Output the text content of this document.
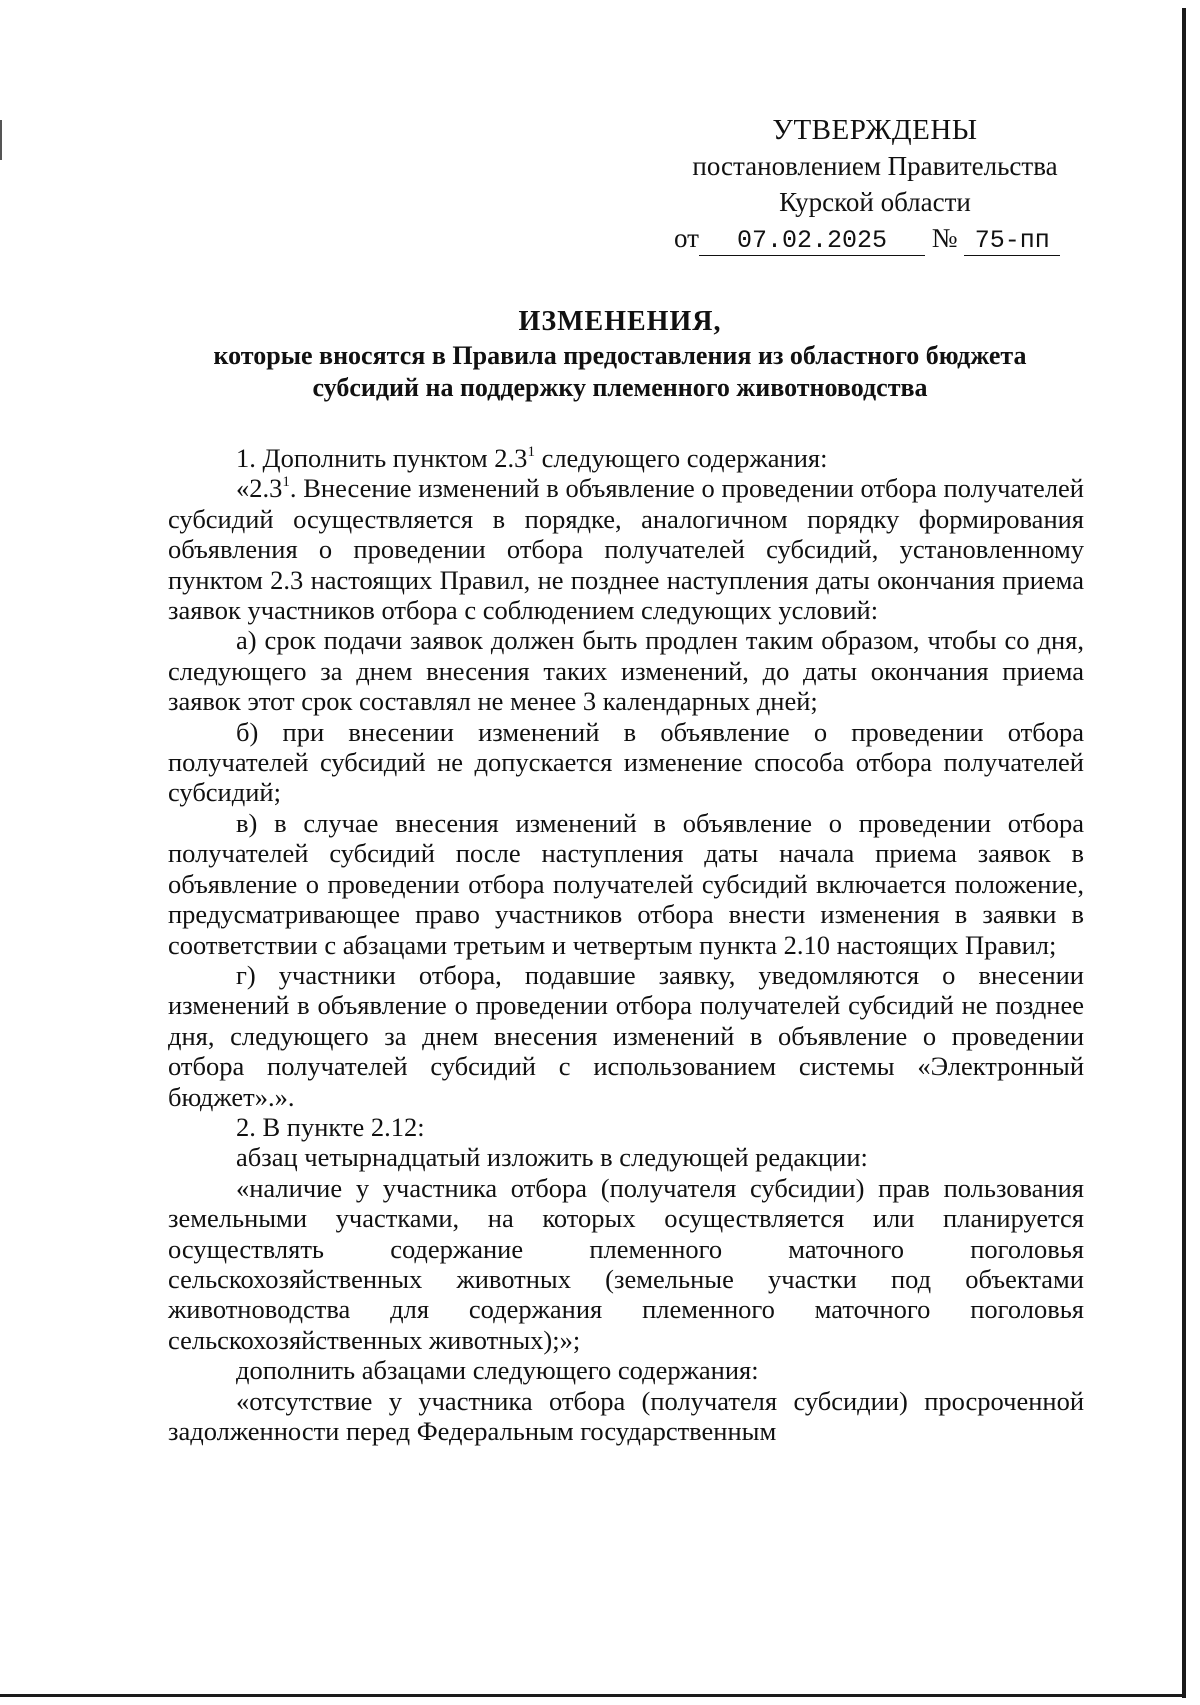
УТВЕРЖДЕНЫ
постановлением Правительства
Курской области
от 07.02.2025 № 75-пп
ИЗМЕНЕНИЯ,
которые вносятся в Правила предоставления из областного бюджета
субсидий на поддержку племенного животноводства

1. Дополнить пунктом $2.3^1$ следующего содержания:

«$2.3^1$. Внесение изменений в объявление о проведении отбора получателей субсидий осуществляется в порядке, аналогичном порядку формирования объявления о проведении отбора получателей субсидий, установленному пунктом 2.3 настоящих Правил, не позднее наступления даты окончания приема заявок участников отбора с соблюдением следующих условий:

а) срок подачи заявок должен быть продлен таким образом, чтобы со дня, следующего за днем внесения таких изменений, до даты окончания приема заявок этот срок составлял не менее 3 календарных дней;

б) при внесении изменений в объявление о проведении отбора получателей субсидий не допускается изменение способа отбора получателей субсидий;

в) в случае внесения изменений в объявление о проведении отбора получателей субсидий после наступления даты начала приема заявок в объявление о проведении отбора получателей субсидий включается положение, предусматривающее право участников отбора внести изменения в заявки в соответствии с абзацами третьим и четвертым пункта 2.10 настоящих Правил;

г) участники отбора, подавшие заявку, уведомляются о внесении изменений в объявление о проведении отбора получателей субсидий не позднее дня, следующего за днем внесения изменений в объявление о проведении отбора получателей субсидий с использованием системы «Электронный бюджет».».

2. В пункте 2.12:

абзац четырнадцатый изложить в следующей редакции:

«наличие у участника отбора (получателя субсидии) прав пользования земельными участками, на которых осуществляется или планируется осуществлять содержание племенного маточного поголовья сельскохозяйственных животных (земельные участки под объектами животноводства для содержания племенного маточного поголовья сельскохозяйственных животных);»;

дополнить абзацами следующего содержания:

«отсутствие у участника отбора (получателя субсидии) просроченной задолженности перед Федеральным государственным
